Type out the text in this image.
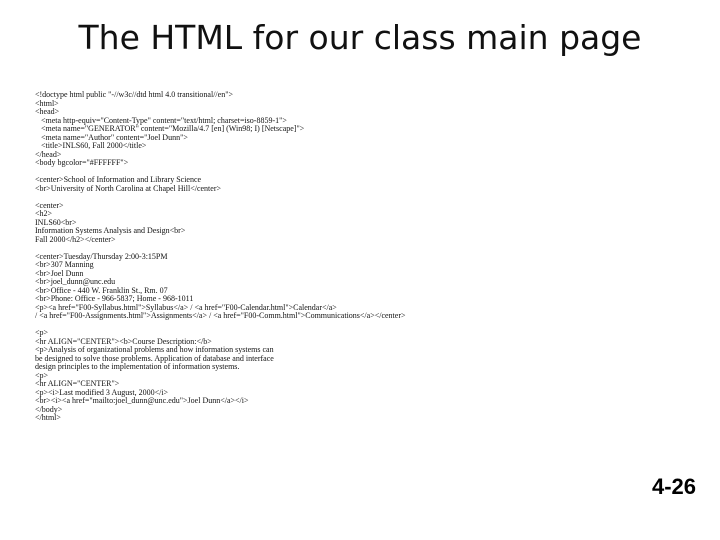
The HTML for our class main page
<!doctype html public "-//w3c//dtd html 4.0 transitional//en">
<html>
<head>
<meta http-equiv="Content-Type" content="text/html; charset=iso-8859-1">
<meta name="GENERATOR" content="Mozilla/4.7 [en] (Win98; I) [Netscape]">
<meta name="Author" content="Joel Dunn">
<title>INLS60, Fall 2000</title>
</head>
<body bgcolor="#FFFFFF">
<center>School of Information and Library Science
<br>University of North Carolina at Chapel Hill</center>
<center>
<h2>
INLS60<br>
Information Systems Analysis and Design<br>
Fall 2000</h2></center>
<center>Tuesday/Thursday 2:00-3:15PM
<br>307 Manning
<br>Joel Dunn
<br>joel_dunn@unc.edu
<br>Office - 440 W. Franklin St., Rm. 07
<br>Phone: Office - 966-5837; Home - 968-1011
<p><a href="F00-Syllabus.html">Syllabus</a> / <a href="F00-Calendar.html">Calendar</a>
/ <a href="F00-Assignments.html">Assignments</a> / <a href="F00-Comm.html">Communications</a></center>
<p>
<hr ALIGN="CENTER"><b>Course Description:</b>
<p>Analysis of organizational problems and how information systems can
be designed to solve those problems. Application of database and interface
design principles to the implementation of information systems.
<p>
<hr ALIGN="CENTER">
<p><i>Last modified 3 August, 2000</i>
<br><i><a href="mailto:joel_dunn@unc.edu">Joel Dunn</a></i>
</body>
</html>
4-26
